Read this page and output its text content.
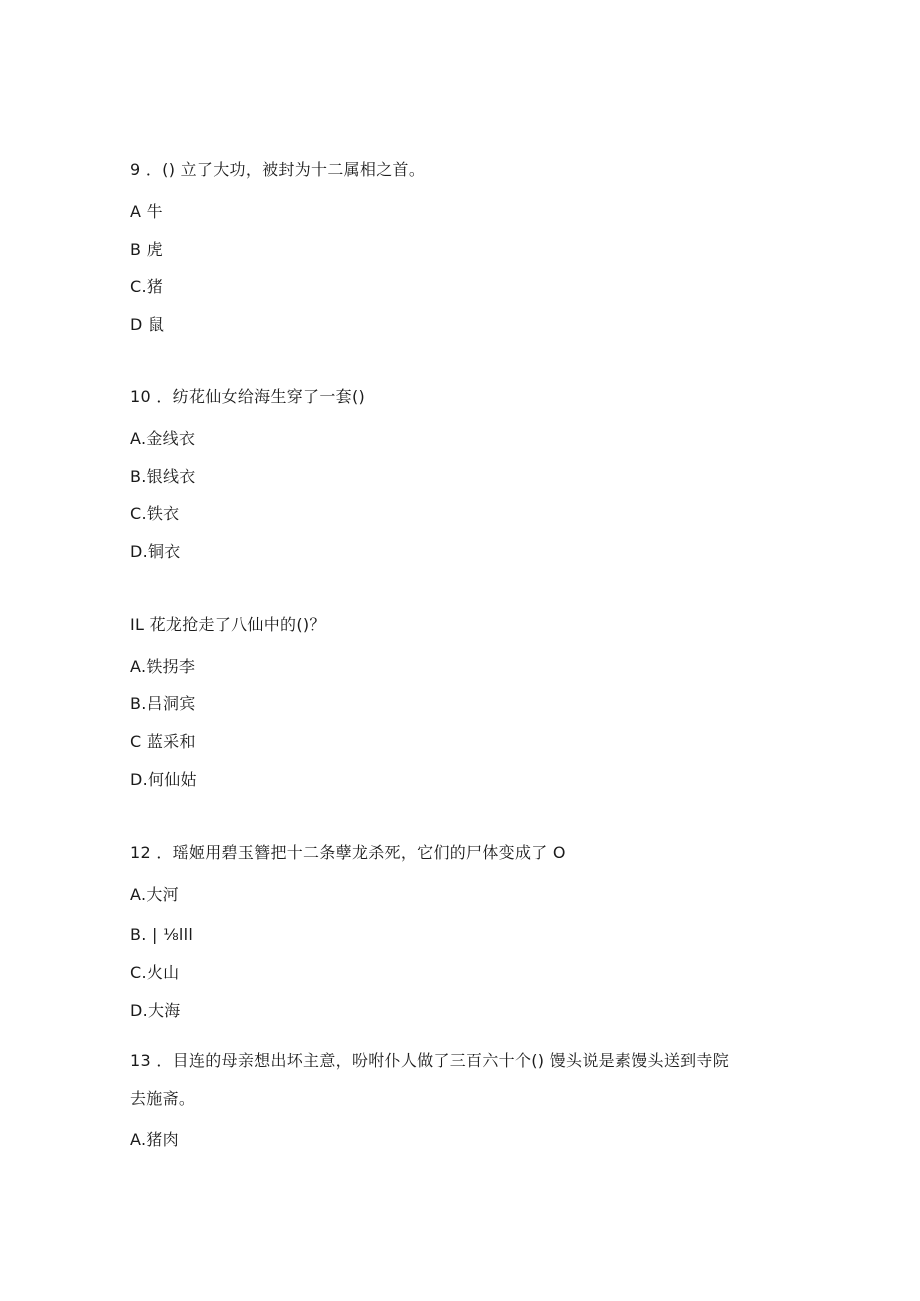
9 ．() 立了大功，被封为十二属相之首。
A 牛
B 虎
C.猪
D 鼠
10 ．纺花仙女给海生穿了一套()
A.金线衣
B.银线衣
C.铁衣
D.铜衣
IL 花龙抢走了八仙中的()？
A.铁拐李
B.吕洞宾
C 蓝采和
D.何仙姑
12 ．瑶姬用碧玉簪把十二条孽龙杀死，它们的尸体变成了 O
A.大河
B. | ⅛lll
C.火山
D.大海
13 ．目连的母亲想出坏主意，吩咐仆人做了三百六十个() 馒头说是素馒头送到寺院
去施斋。
A.猪肉
